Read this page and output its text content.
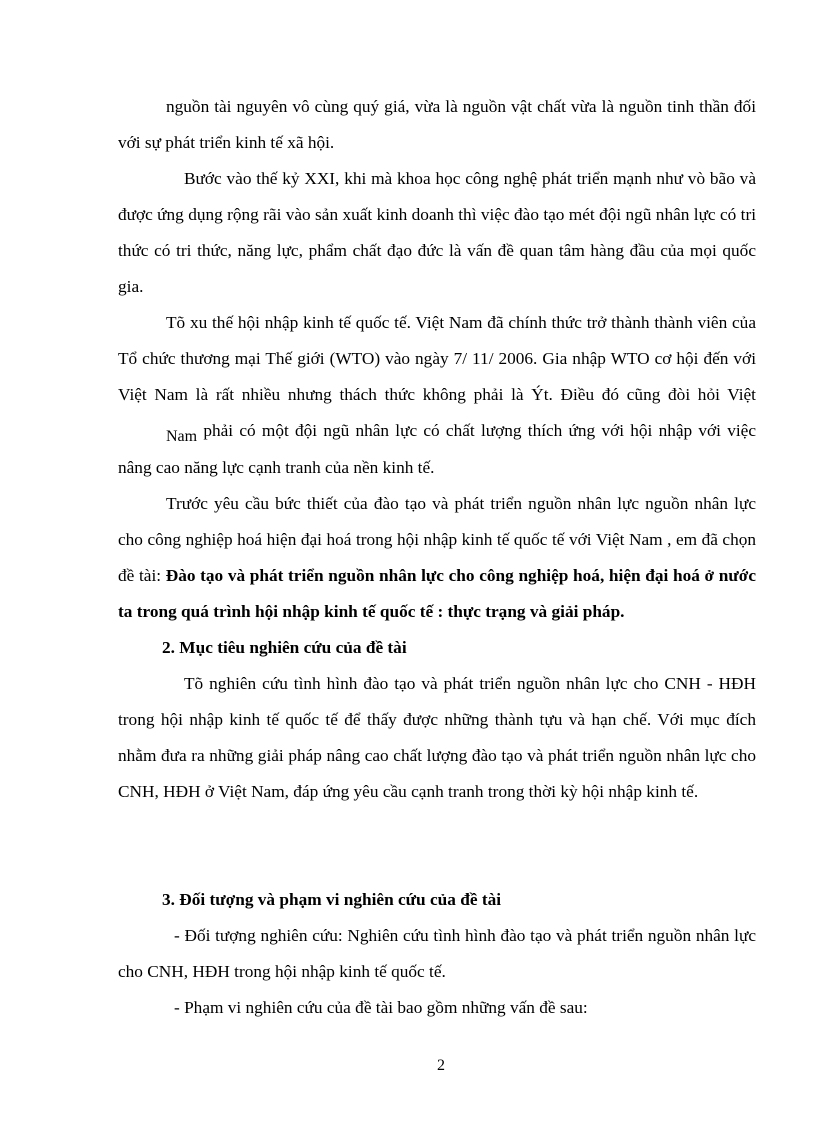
nguồn tài nguyên vô cùng quý giá, vừa là nguồn vật chất vừa là nguồn tinh thần đối với sự phát triển kinh tế xã hội.

Bước vào thế kỷ XXI, khi mà khoa học công nghệ phát triển mạnh như vò bão và được ứng dụng rộng rãi vào sản xuất kinh doanh thì việc đào tạo mét đội ngũ nhân lực có tri thức có tri thức, năng lực, phẩm chất đạo đức là vấn đề quan tâm hàng đầu của mọi quốc gia.

Tõ xu thế hội nhập kinh tế quốc tế. Việt Nam đã chính thức trở thành thành viên của Tổ chức thương mại Thế giới (WTO) vào ngày 7/ 11/ 2006. Gia nhập WTO cơ hội đến với Việt Nam là rất nhiều nhưng thách thức không phải là Ýt. Điều đó cũng đòi hỏi Việt Nam phải có một đội ngũ nhân lực có chất lượng thích ứng với hội nhập với việc nâng cao năng lực cạnh tranh của nền kinh tế.

Trước yêu cầu bức thiết của đào tạo và phát triển nguồn nhân lực nguồn nhân lực cho công nghiệp hoá hiện đại hoá trong hội nhập kinh tế quốc tế với Việt Nam , em đã chọn đề tài: Đào tạo và phát triển nguồn nhân lực cho công nghiệp hoá, hiện đại hoá ở nước ta trong quá trình hội nhập kinh tế quốc tế : thực trạng và giải pháp.

2. Mục tiêu nghiên cứu của đề tài

Tõ nghiên cứu tình hình đào tạo và phát triển nguồn nhân lực cho CNH - HĐH trong hội nhập kinh tế quốc tế để thấy được những thành tựu và hạn chế. Với mục đích nhằm đưa ra những giải pháp nâng cao chất lượng đào tạo và phát triển nguồn nhân lực cho CNH, HĐH ở Việt Nam, đáp ứng yêu cầu cạnh tranh trong thời kỳ hội nhập kinh tế.

3. Đối tượng và phạm vi nghiên cứu của đề tài

- Đối tượng nghiên cứu: Nghiên cứu tình hình đào tạo và phát triển nguồn nhân lực cho CNH, HĐH trong hội nhập kinh tế quốc tế.

- Phạm vi nghiên cứu của đề tài bao gồm những vấn đề sau:

2
